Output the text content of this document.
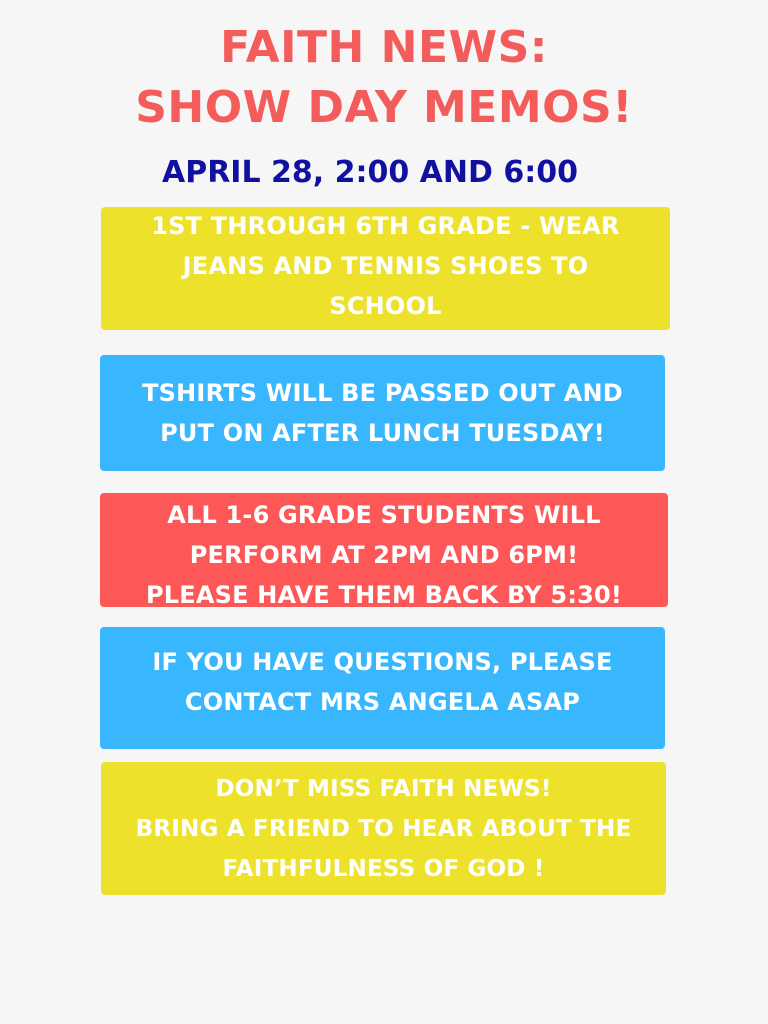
FAITH NEWS:
SHOW DAY MEMOS!
APRIL 28, 2:00 AND 6:00
1ST THROUGH 6TH GRADE - WEAR
JEANS AND TENNIS SHOES TO
SCHOOL
TSHIRTS WILL BE PASSED OUT AND
PUT ON AFTER LUNCH TUESDAY!
ALL 1-6 GRADE STUDENTS WILL
PERFORM AT 2PM AND 6PM!
PLEASE HAVE THEM BACK BY 5:30!
IF YOU HAVE QUESTIONS, PLEASE
CONTACT MRS ANGELA ASAP
DON’T MISS FAITH NEWS!
BRING A FRIEND TO HEAR ABOUT THE
FAITHFULNESS OF GOD !
